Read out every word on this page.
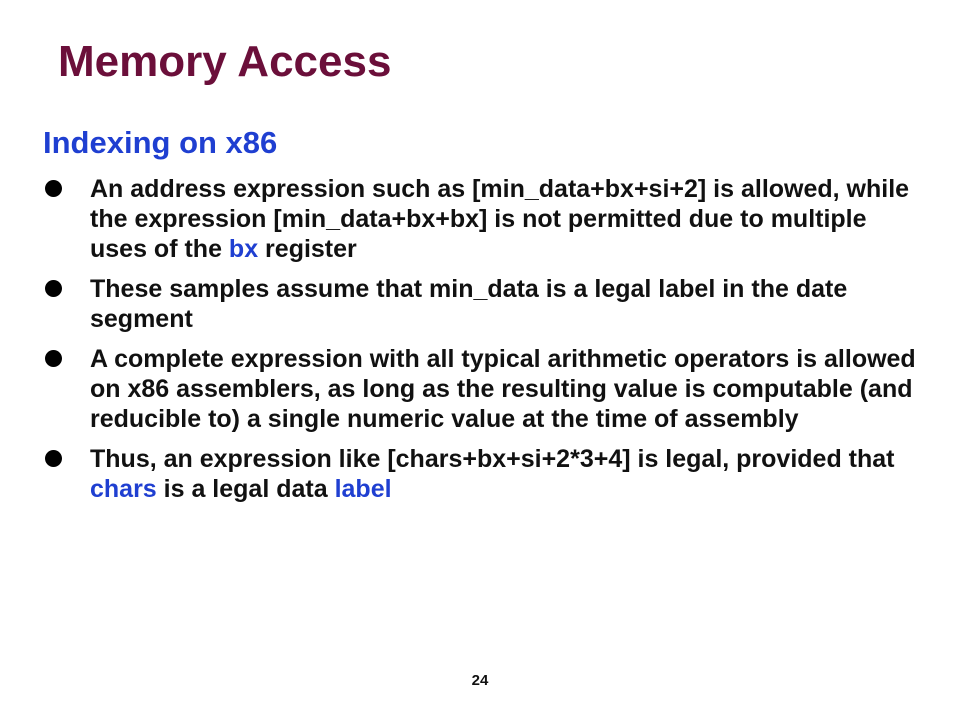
Memory Access
Indexing on x86
An address expression such as [min_data+bx+si+2] is allowed, while the expression [min_data+bx+bx] is not permitted due to multiple uses of the bx register
These samples assume that min_data is a legal label in the date segment
A complete expression with all typical arithmetic operators is allowed on x86 assemblers, as long as the resulting value is computable (and reducible to) a single numeric value at the time of assembly
Thus, an expression like [chars+bx+si+2*3+4] is legal, provided that chars is a legal data label
24
